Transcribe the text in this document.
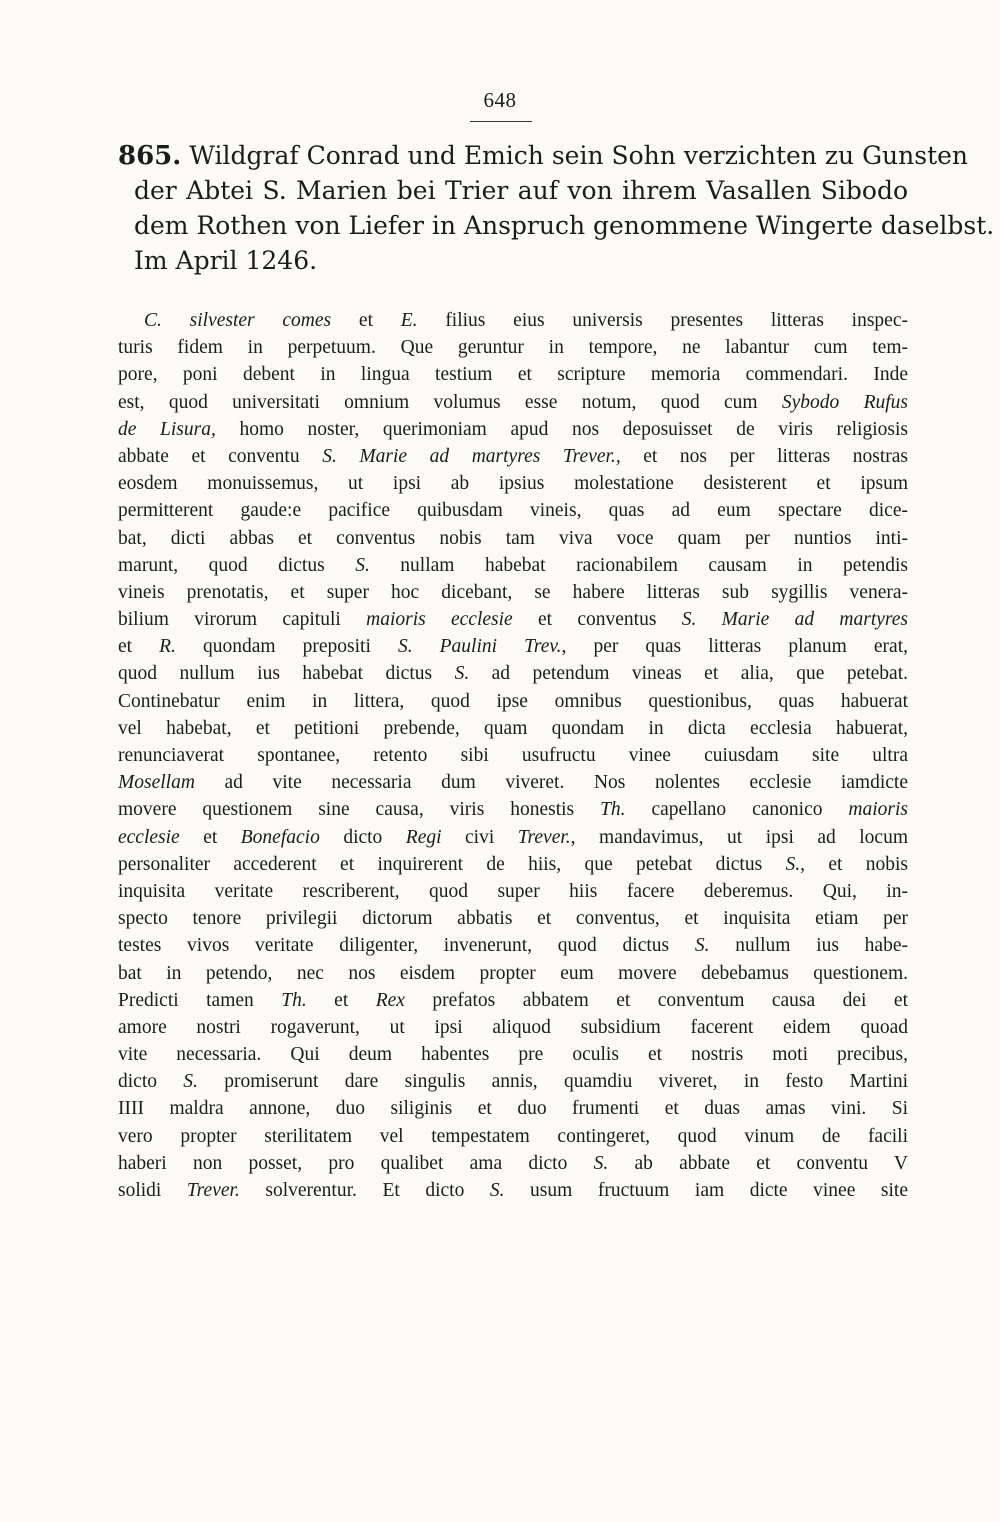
648
865. Wildgraf Conrad und Emich sein Sohn verzichten zu Gunsten
der Abtei S. Marien bei Trier auf von ihrem Vasallen Sibodo
dem Rothen von Liefer in Anspruch genommene Wingerte daselbst.
Im April 1246.
C. silvester comes et E. filius eius universis presentes litteras inspec-
turis fidem in perpetuum. Que geruntur in tempore, ne labantur cum tem-
pore, poni debent in lingua testium et scripture memoria commendari. Inde
est, quod universitati omnium volumus esse notum, quod cum Sybodo Rufus
de Lisura, homo noster, querimoniam apud nos deposuisset de viris religiosis
abbate et conventu S. Marie ad martyres Trever., et nos per litteras nostras
eosdem monuissemus, ut ipsi ab ipsius molestatione desisterent et ipsum
permitterent gaude:e pacifice quibusdam vineis, quas ad eum spectare dice-
bat, dicti abbas et conventus nobis tam viva voce quam per nuntios inti-
marunt, quod dictus S. nullam habebat racionabilem causam in petendis
vineis prenotatis, et super hoc dicebant, se habere litteras sub sygillis venera-
bilium virorum capituli maioris ecclesie et conventus S. Marie ad martyres
et R. quondam prepositi S. Paulini Trev., per quas litteras planum erat,
quod nullum ius habebat dictus S. ad petendum vineas et alia, que petebat.
Continebatur enim in littera, quod ipse omnibus questionibus, quas habuerat
vel habebat, et petitioni prebende, quam quondam in dicta ecclesia habuerat,
renunciaverat spontanee, retento sibi usufructu vinee cuiusdam site ultra
Mosellam ad vite necessaria dum viveret. Nos nolentes ecclesie iamdicte
movere questionem sine causa, viris honestis Th. capellano canonico maioris
ecclesie et Bonefacio dicto Regi civi Trever., mandavimus, ut ipsi ad locum
personaliter accederent et inquirerent de hiis, que petebat dictus S., et nobis
inquisita veritate rescriberent, quod super hiis facere deberemus. Qui, in-
specto tenore privilegii dictorum abbatis et conventus, et inquisita etiam per
testes vivos veritate diligenter, invenerunt, quod dictus S. nullum ius habe-
bat in petendo, nec nos eisdem propter eum movere debebamus questionem.
Predicti tamen Th. et Rex prefatos abbatem et conventum causa dei et
amore nostri rogaverunt, ut ipsi aliquod subsidium facerent eidem quoad
vite necessaria. Qui deum habentes pre oculis et nostris moti precibus,
dicto S. promiserunt dare singulis annis, quamdiu viveret, in festo Martini
IIII maldra annone, duo siliginis et duo frumenti et duas amas vini. Si
vero propter sterilitatem vel tempestatem contingeret, quod vinum de facili
haberi non posset, pro qualibet ama dicto S. ab abbate et conventu V
solidi Trever. solverentur. Et dicto S. usum fructuum iam dicte vinee site
